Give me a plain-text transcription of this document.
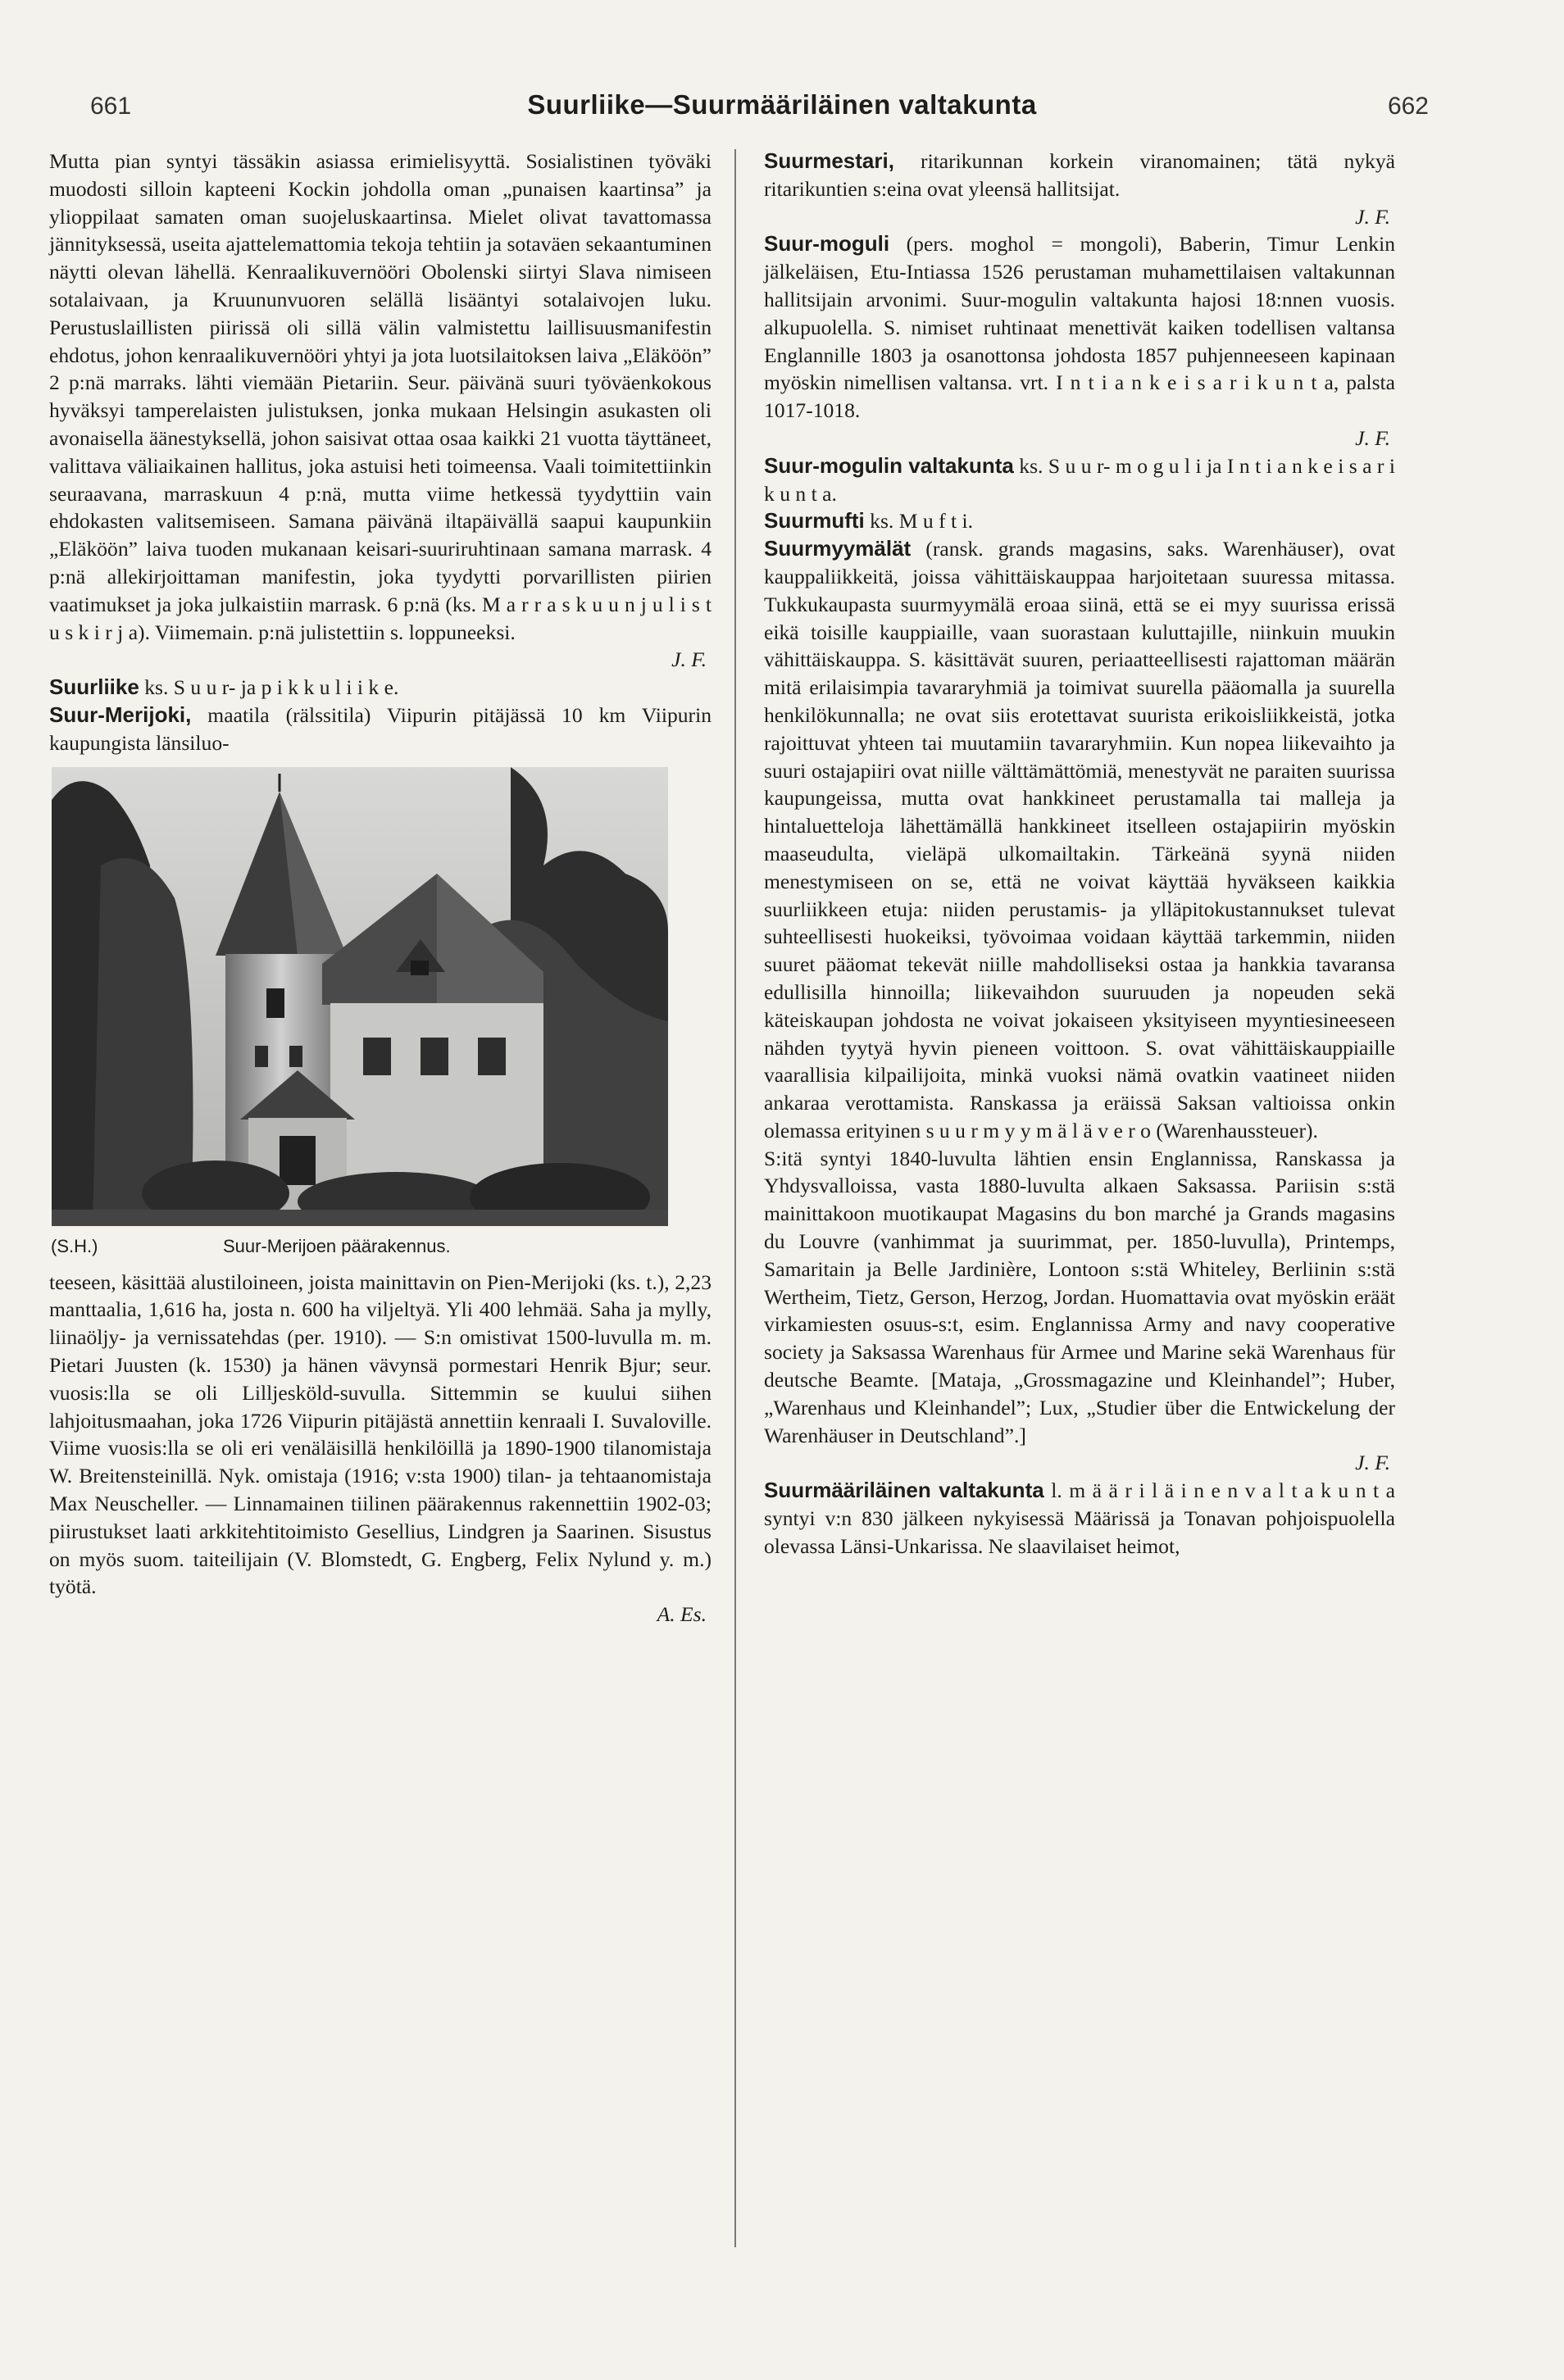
661	Suurliike—Suurmääriläinen valtakunta	662

Mutta pian syntyi tässäkin asiassa erimielisyyttä. Sosialistinen työväki muodosti silloin kapteeni Kockin johdolla oman „punaisen kaartinsa” ja ylioppilaat samaten oman suojeluskaartinsa. Mielet olivat tavattomassa jännityksessä, useita ajattelemattomia tekoja tehtiin ja sotaväen sekaantuminen näytti olevan lähellä. Kenraalikuvernööri Obolenski siirtyi Slava nimiseen sotalaivaan, ja Kruununvuoren selällä lisääntyi sotalaivojen luku. Perustuslaillisten piirissä oli sillä välin valmistettu laillisuusmanifestin ehdotus, johon kenraalikuvernööri yhtyi ja jota luotsilaitoksen laiva „Eläköön” 2 p:nä marraks. lähti viemään Pietariin. Seur. päivänä suuri työväenkokous hyväksyi tamperelaisten julistuksen, jonka mukaan Helsingin asukasten oli avonaisella äänestyksellä, johon saisivat ottaa osaa kaikki 21 vuotta täyttäneet, valittava väliaikainen hallitus, joka astuisi heti toimeensa. Vaali toimitettiinkin seuraavana, marraskuun 4 p:nä, mutta viime hetkessä tyydyttiin vain ehdokasten valitsemiseen. Samana päivänä iltapäivällä saapui kaupunkiin „Eläköön” laiva tuoden mukanaan keisari-suuriruhtinaan samana marrask. 4 p:nä allekirjoittaman manifestin, joka tyydytti porvarillisten piirien vaatimukset ja joka julkaistiin marrask. 6 p:nä (ks. M a r r a s k u u n j u l i s t u s k i r j a). Viimemain. p:nä julistettiin s. loppuneeksi.

J. F.

Suurliike ks. S u u r- ja p i k k u l i i k e.

Suur-Merijoki, maatila (rälssitila) Viipurin pitäjässä 10 km Viipurin kaupungista länsiluo-

(S.H.)	Suur-Merijoen päärakennus.

teeseen, käsittää alustiloineen, joista mainittavin on Pien-Merijoki (ks. t.), 2,23 manttaalia, 1,616 ha, josta n. 600 ha viljeltyä. Yli 400 lehmää. Saha ja mylly, liinaöljy- ja vernissatehdas (per. 1910). — S:n omistivat 1500-luvulla m. m. Pietari Juusten (k. 1530) ja hänen vävynsä pormestari Henrik Bjur; seur. vuosis:lla se oli Lilljesköld-suvulla. Sittemmin se kuului siihen lahjoitusmaahan, joka 1726 Viipurin pitäjästä annettiin kenraali I. Suvaloville. Viime vuosis:lla se oli eri venäläisillä henkilöillä ja 1890-1900 tilanomistaja W. Breitensteinillä. Nyk. omistaja (1916; v:sta 1900) tilan- ja tehtaanomistaja Max Neuscheller. — Linnamainen tiilinen päärakennus rakennettiin 1902-03; piirustukset laati arkkitehtitoimisto Gesellius, Lindgren ja Saarinen. Sisustus on myös suom. taiteilijain (V. Blomstedt, G. Engberg, Felix Nylund y. m.) työtä.

A. Es.

Suurmestari, ritarikunnan korkein viranomainen; tätä nykyä ritarikuntien s:eina ovat yleensä hallitsijat.

J. F.

Suur-moguli (pers. moghol = mongoli), Baberin, Timur Lenkin jälkeläisen, Etu-Intiassa 1526 perustaman muhamettilaisen valtakunnan hallitsijain arvonimi. Suur-mogulin valtakunta hajosi 18:nnen vuosis. alkupuolella. S. nimiset ruhtinaat menettivät kaiken todellisen valtansa Englannille 1803 ja osanottonsa johdosta 1857 puhjenneeseen kapinaan myöskin nimellisen valtansa. vrt. I n t i a n k e i s a r i k u n t a, palsta 1017-1018.

J. F.

Suur-mogulin valtakunta ks. S u u r- m o g u l i ja I n t i a n k e i s a r i k u n t a.

Suurmufti ks. M u f t i.

Suurmyymälät (ransk. grands magasins, saks. Warenhäuser), ovat kauppaliikkeitä, joissa vähittäiskauppaa harjoitetaan suuressa mitassa. Tukkukaupasta suurmyymälä eroaa siinä, että se ei myy suurissa erissä eikä toisille kauppiaille, vaan suorastaan kuluttajille, niinkuin muukin vähittäiskauppa. S. käsittävät suuren, periaatteellisesti rajattoman määrän mitä erilaisimpia tavararyhmiä ja toimivat suurella pääomalla ja suurella henkilökunnalla; ne ovat siis erotettavat suurista erikoisliikkeistä, jotka rajoittuvat yhteen tai muutamiin tavararyhmiin. Kun nopea liikevaihto ja suuri ostajapiiri ovat niille välttämättömiä, menestyvät ne paraiten suurissa kaupungeissa, mutta ovat hankkineet perustamalla tai malleja ja hintaluetteloja lähettämällä hankkineet itselleen ostajapiirin myöskin maaseudulta, vieläpä ulkomailtakin. Tärkeänä syynä niiden menestymiseen on se, että ne voivat käyttää hyväkseen kaikkia suurliikkeen etuja: niiden perustamis- ja ylläpitokustannukset tulevat suhteellisesti huokeiksi, työvoimaa voidaan käyttää tarkemmin, niiden suuret pääomat tekevät niille mahdolliseksi ostaa ja hankkia tavaransa edullisilla hinnoilla; liikevaihdon suuruuden ja nopeuden sekä käteiskaupan johdosta ne voivat jokaiseen yksityiseen myyntiesineeseen nähden tyytyä hyvin pieneen voittoon. S. ovat vähittäiskauppiaille vaarallisia kilpailijoita, minkä vuoksi nämä ovatkin vaatineet niiden ankaraa verottamista. Ranskassa ja eräissä Saksan valtioissa onkin olemassa erityinen s u u r m y y m ä l ä v e r o (Warenhaussteuer).

S:itä syntyi 1840-luvulta lähtien ensin Englannissa, Ranskassa ja Yhdysvalloissa, vasta 1880-luvulta alkaen Saksassa. Pariisin s:stä mainittakoon muotikaupat Magasins du bon marché ja Grands magasins du Louvre (vanhimmat ja suurimmat, per. 1850-luvulla), Printemps, Samaritain ja Belle Jardinière, Lontoon s:stä Whiteley, Berliinin s:stä Wertheim, Tietz, Gerson, Herzog, Jordan. Huomattavia ovat myöskin eräät virkamiesten osuus-s:t, esim. Englannissa Army and navy cooperative society ja Saksassa Warenhaus für Armee und Marine sekä Warenhaus für deutsche Beamte. [Mataja, „Grossmagazine und Kleinhandel”; Huber, „Warenhaus und Kleinhandel”; Lux, „Studier über die Entwickelung der Warenhäuser in Deutschland”.]

J. F.

Suurmääriläinen valtakunta l. m ä ä r i l ä i n e n v a l t a k u n t a syntyi v:n 830 jälkeen nykyisessä Määrissä ja Tonavan pohjoispuolella olevassa Länsi-Unkarissa. Ne slaavilaiset heimot,
